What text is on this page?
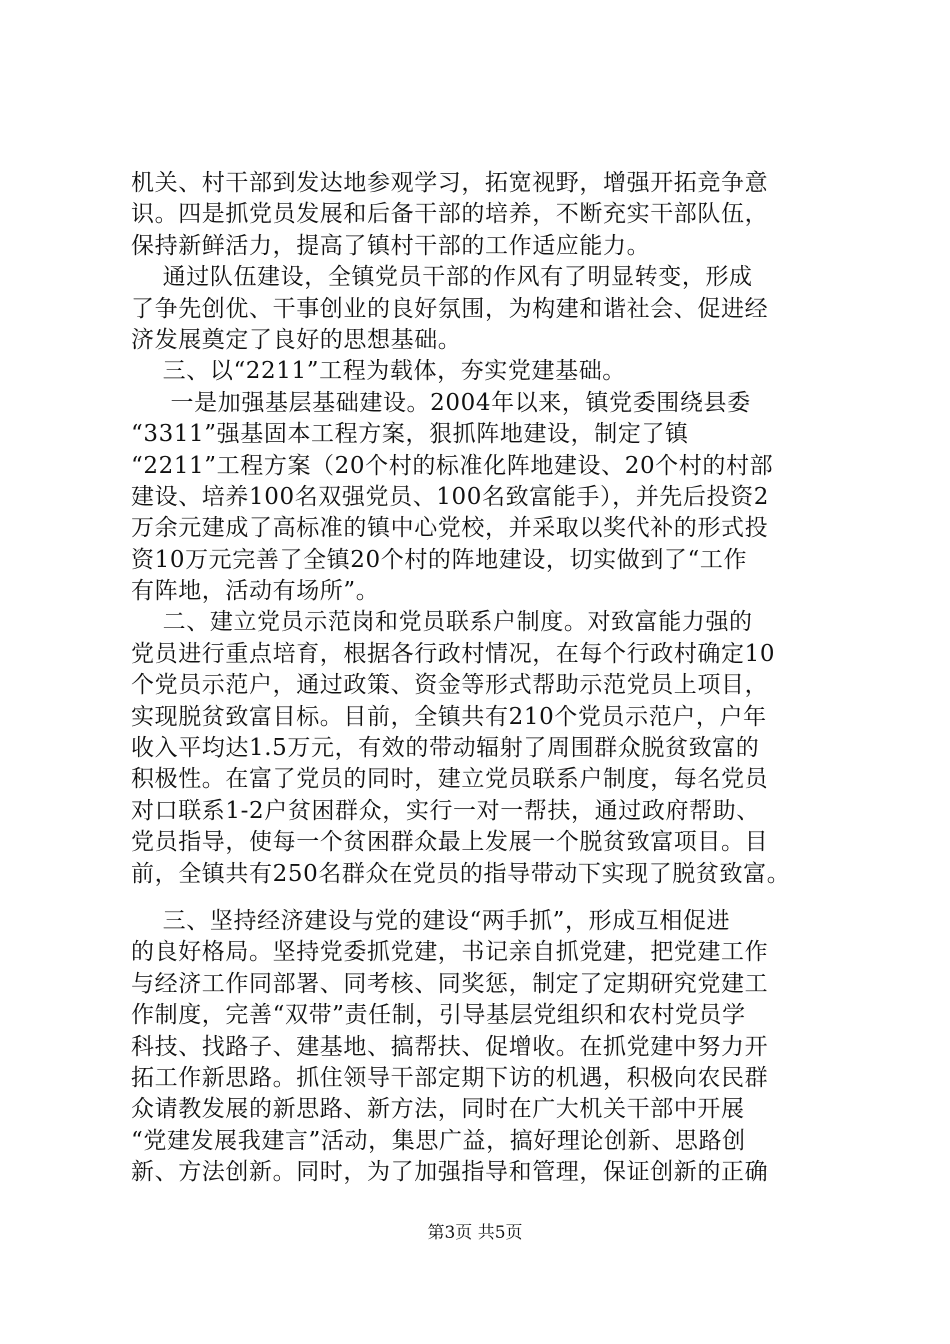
机关、村干部到发达地参观学习，拓宽视野，增强开拓竞争意
识。四是抓党员发展和后备干部的培养，不断充实干部队伍，
保持新鲜活力，提高了镇村干部的工作适应能力。
通过队伍建设，全镇党员干部的作风有了明显转变，形成
了争先创优、干事创业的良好氛围，为构建和谐社会、促进经
济发展奠定了良好的思想基础。
三、以“2211”工程为载体，夯实党建基础。
一是加强基层基础建设。2004年以来，镇党委围绕县委
“3311”强基固本工程方案，狠抓阵地建设，制定了镇
“2211”工程方案（20个村的标准化阵地建设、20个村的村部
建设、培养100名双强党员、100名致富能手），并先后投资2
万余元建成了高标准的镇中心党校，并采取以奖代补的形式投
资10万元完善了全镇20个村的阵地建设，切实做到了“工作
有阵地，活动有场所”。
二、建立党员示范岗和党员联系户制度。对致富能力强的
党员进行重点培育，根据各行政村情况，在每个行政村确定10
个党员示范户，通过政策、资金等形式帮助示范党员上项目，
实现脱贫致富目标。目前，全镇共有210个党员示范户，户年
收入平均达1.5万元，有效的带动辐射了周围群众脱贫致富的
积极性。在富了党员的同时，建立党员联系户制度，每名党员
对口联系1-2户贫困群众，实行一对一帮扶，通过政府帮助、
党员指导，使每一个贫困群众最上发展一个脱贫致富项目。目
前，全镇共有250名群众在党员的指导带动下实现了脱贫致富。
三、坚持经济建设与党的建设“两手抓”，形成互相促进
的良好格局。坚持党委抓党建，书记亲自抓党建，把党建工作
与经济工作同部署、同考核、同奖惩，制定了定期研究党建工
作制度，完善“双带”责任制，引导基层党组织和农村党员学
科技、找路子、建基地、搞帮扶、促增收。在抓党建中努力开
拓工作新思路。抓住领导干部定期下访的机遇，积极向农民群
众请教发展的新思路、新方法，同时在广大机关干部中开展
“党建发展我建言”活动，集思广益，搞好理论创新、思路创
新、方法创新。同时，为了加强指导和管理，保证创新的正确
第3页 共5页
